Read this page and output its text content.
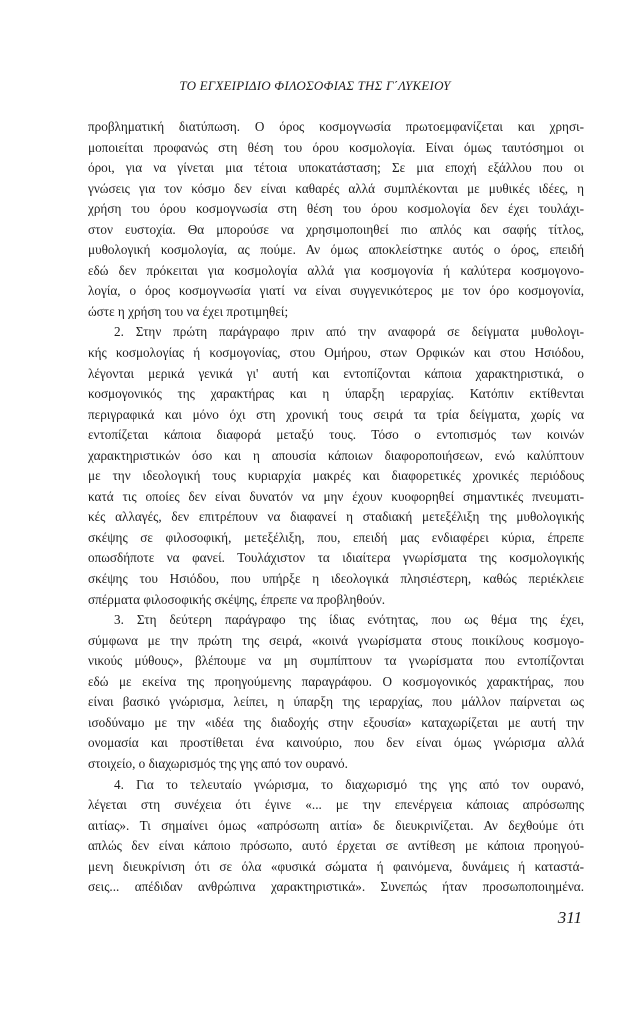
ΤΟ ΕΓΧΕΙΡΙΔΙΟ ΦΙΛΟΣΟΦΙΑΣ ΤΗΣ Γ΄ΛΥΚΕΙΟΥ
προβληματική διατύπωση. Ο όρος κοσμογνωσία πρωτοεμφανίζεται και χρησι-
μοποιείται προφανώς στη θέση του όρου κοσμολογία. Είναι όμως ταυτόσημοι οι
όροι, για να γίνεται μια τέτοια υποκατάσταση; Σε μια εποχή εξάλλου που οι
γνώσεις για τον κόσμο δεν είναι καθαρές αλλά συμπλέκονται με μυθικές ιδέες, η
χρήση του όρου κοσμογνωσία στη θέση του όρου κοσμολογία δεν έχει τουλάχι-
στον ευστοχία. Θα μπορούσε να χρησιμοποιηθεί πιο απλός και σαφής τίτλος,
μυθολογική κοσμολογία, ας πούμε. Αν όμως αποκλείστηκε αυτός ο όρος, επειδή
εδώ δεν πρόκειται για κοσμολογία αλλά για κοσμογονία ή καλύτερα κοσμογονο-
λογία, ο όρος κοσμογνωσία γιατί να είναι συγγενικότερος με τον όρο κοσμογονία,
ώστε η χρήση του να έχει προτιμηθεί;
2. Στην πρώτη παράγραφο πριν από την αναφορά σε δείγματα μυθολογι-
κής κοσμολογίας ή κοσμογονίας, στου Ομήρου, στων Ορφικών και στου Ησιόδου,
λέγονται μερικά γενικά γι' αυτή και εντοπίζονται κάποια χαρακτηριστικά, ο
κοσμογονικός της χαρακτήρας και η ύπαρξη ιεραρχίας. Κατόπιν εκτίθενται
περιγραφικά και μόνο όχι στη χρονική τους σειρά τα τρία δείγματα, χωρίς να
εντοπίζεται κάποια διαφορά μεταξύ τους. Τόσο ο εντοπισμός των κοινών
χαρακτηριστικών όσο και η απουσία κάποιων διαφοροποιήσεων, ενώ καλύπτουν
με την ιδεολογική τους κυριαρχία μακρές και διαφορετικές χρονικές περιόδους
κατά τις οποίες δεν είναι δυνατόν να μην έχουν κυοφορηθεί σημαντικές πνευματι-
κές αλλαγές, δεν επιτρέπουν να διαφανεί η σταδιακή μετεξέλιξη της μυθολογικής
σκέψης σε φιλοσοφική, μετεξέλιξη, που, επειδή μας ενδιαφέρει κύρια, έπρεπε
οπωσδήποτε να φανεί. Τουλάχιστον τα ιδιαίτερα γνωρίσματα της κοσμολογικής
σκέψης του Ησιόδου, που υπήρξε η ιδεολογικά πλησιέστερη, καθώς περιέκλειε
σπέρματα φιλοσοφικής σκέψης, έπρεπε να προβληθούν.
3. Στη δεύτερη παράγραφο της ίδιας ενότητας, που ως θέμα της έχει,
σύμφωνα με την πρώτη της σειρά, «κοινά γνωρίσματα στους ποικίλους κοσμογο-
νικούς μύθους», βλέπουμε να μη συμπίπτουν τα γνωρίσματα που εντοπίζονται
εδώ με εκείνα της προηγούμενης παραγράφου. Ο κοσμογονικός χαρακτήρας, που
είναι βασικό γνώρισμα, λείπει, η ύπαρξη της ιεραρχίας, που μάλλον παίρνεται ως
ισοδύναμο με την «ιδέα της διαδοχής στην εξουσία» καταχωρίζεται με αυτή την
ονομασία και προστίθεται ένα καινούριο, που δεν είναι όμως γνώρισμα αλλά
στοιχείο, ο διαχωρισμός της γης από τον ουρανό.
4. Για το τελευταίο γνώρισμα, το διαχωρισμό της γης από τον ουρανό,
λέγεται στη συνέχεια ότι έγινε «... με την επενέργεια κάποιας απρόσωπης
αιτίας». Τι σημαίνει όμως «απρόσωπη αιτία» δε διευκρινίζεται. Αν δεχθούμε ότι
απλώς δεν είναι κάποιο πρόσωπο, αυτό έρχεται σε αντίθεση με κάποια προηγού-
μενη διευκρίνιση ότι σε όλα «φυσικά σώματα ή φαινόμενα, δυνάμεις ή καταστά-
σεις... απέδιδαν ανθρώπινα χαρακτηριστικά». Συνεπώς ήταν προσωποποιημένα.
311
